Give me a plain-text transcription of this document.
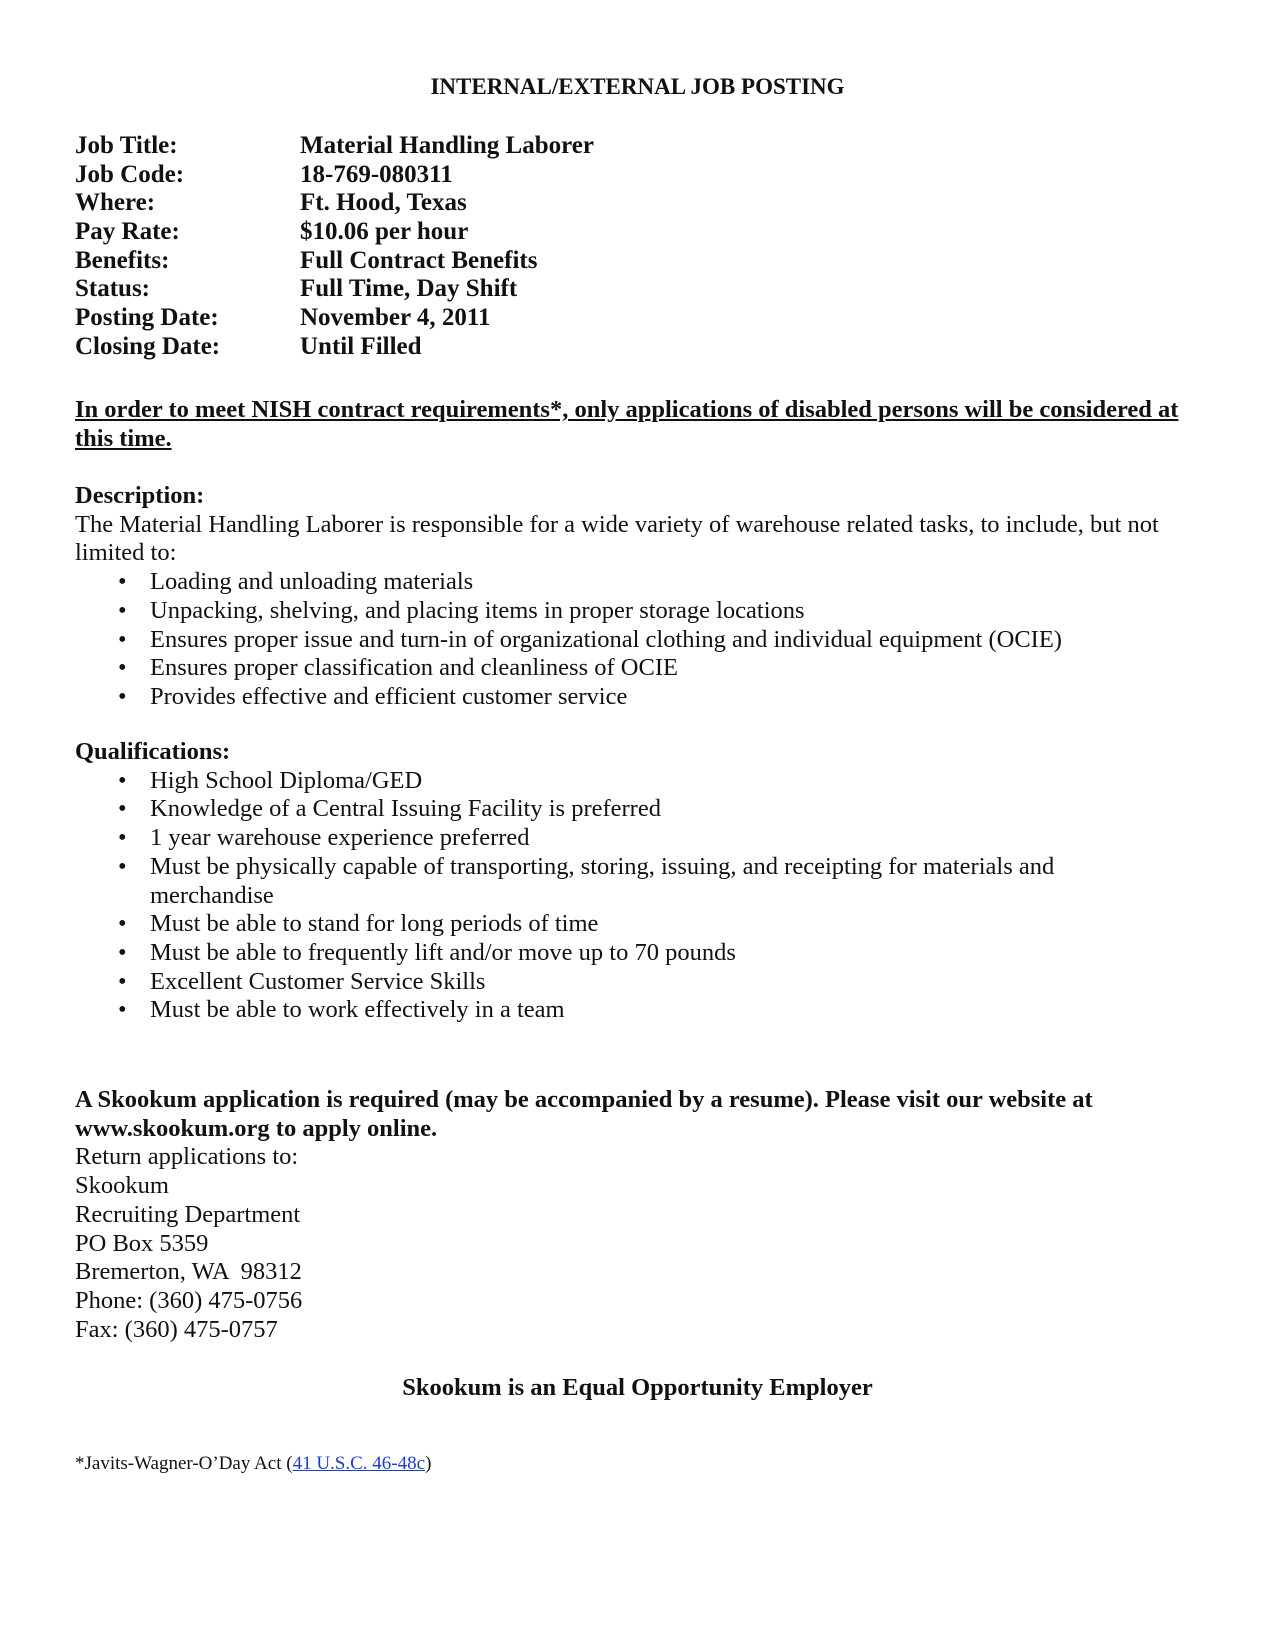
INTERNAL/EXTERNAL JOB POSTING
Job Title:	Material Handling Laborer
Job Code:	18-769-080311
Where:	Ft. Hood, Texas
Pay Rate:	$10.06 per hour
Benefits:	Full Contract Benefits
Status:	Full Time, Day Shift
Posting Date:	November 4, 2011
Closing Date:	Until Filled
In order to meet NISH contract requirements*, only applications of disabled persons will be considered at this time.
Description:
The Material Handling Laborer is responsible for a wide variety of warehouse related tasks, to include, but not limited to:
• Loading and unloading materials
• Unpacking, shelving, and placing items in proper storage locations
• Ensures proper issue and turn-in of organizational clothing and individual equipment (OCIE)
• Ensures proper classification and cleanliness of OCIE
• Provides effective and efficient customer service
Qualifications:
• High School Diploma/GED
• Knowledge of a Central Issuing Facility is preferred
• 1 year warehouse experience preferred
• Must be physically capable of transporting, storing, issuing, and receipting for materials and merchandise
• Must be able to stand for long periods of time
• Must be able to frequently lift and/or move up to 70 pounds
• Excellent Customer Service Skills
• Must be able to work effectively in a team
A Skookum application is required (may be accompanied by a resume). Please visit our website at www.skookum.org to apply online.
Return applications to:
Skookum
Recruiting Department
PO Box 5359
Bremerton, WA  98312
Phone: (360) 475-0756
Fax: (360) 475-0757
Skookum is an Equal Opportunity Employer
*Javits-Wagner-O’Day Act (41 U.S.C. 46-48c)
